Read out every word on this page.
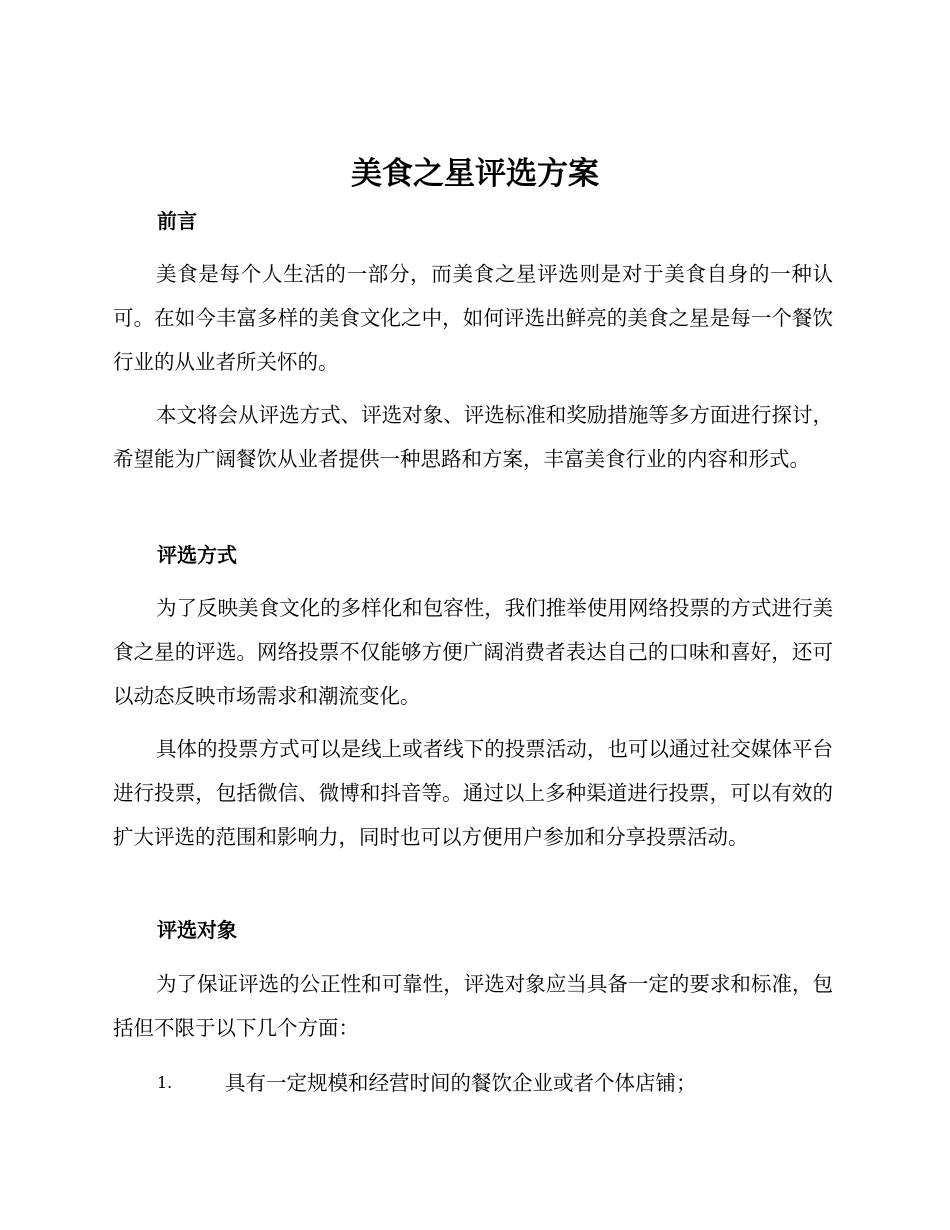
美食之星评选方案
前言

美食是每个人生活的一部分，而美食之星评选则是对于美食自身的一种认可。在如今丰富多样的美食文化之中，如何评选出鲜亮的美食之星是每一个餐饮行业的从业者所关怀的。

本文将会从评选方式、评选对象、评选标准和奖励措施等多方面进行探讨，希望能为广阔餐饮从业者提供一种思路和方案，丰富美食行业的内容和形式。

评选方式

为了反映美食文化的多样化和包容性，我们推举使用网络投票的方式进行美食之星的评选。网络投票不仅能够方便广阔消费者表达自己的口味和喜好，还可以动态反映市场需求和潮流变化。

具体的投票方式可以是线上或者线下的投票活动，也可以通过社交媒体平台进行投票，包括微信、微博和抖音等。通过以上多种渠道进行投票，可以有效的扩大评选的范围和影响力，同时也可以方便用户参加和分享投票活动。

评选对象

为了保证评选的公正性和可靠性，评选对象应当具备一定的要求和标准，包括但不限于以下几个方面：

1.	具有一定规模和经营时间的餐饮企业或者个体店铺；
